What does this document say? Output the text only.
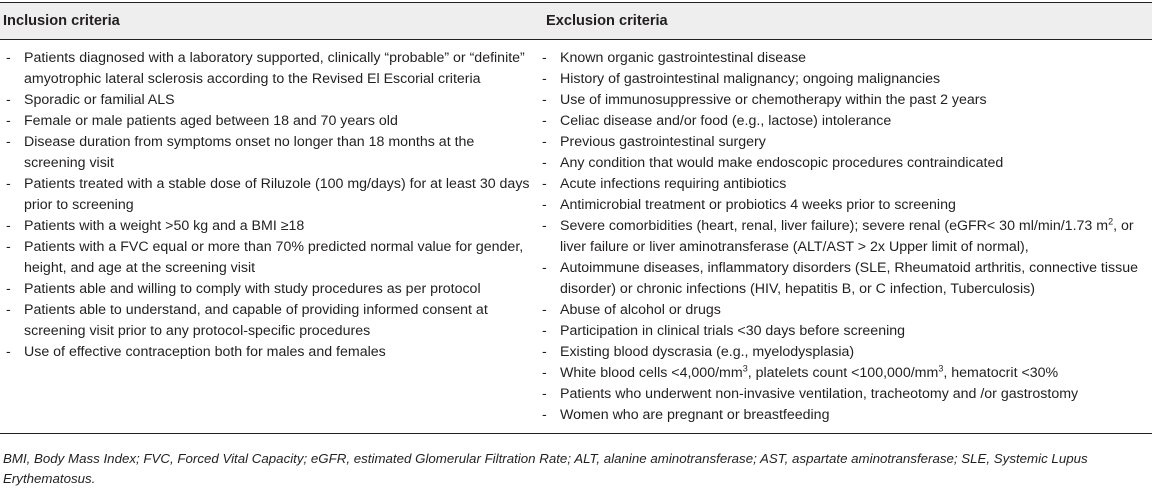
Inclusion criteria	Exclusion criteria
- Patients diagnosed with a laboratory supported, clinically “probable” or “definite” amyotrophic lateral sclerosis according to the Revised El Escorial criteria
- Sporadic or familial ALS
- Female or male patients aged between 18 and 70 years old
- Disease duration from symptoms onset no longer than 18 months at the screening visit
- Patients treated with a stable dose of Riluzole (100 mg/days) for at least 30 days prior to screening
- Patients with a weight >50 kg and a BMI ≥18
- Patients with a FVC equal or more than 70% predicted normal value for gender, height, and age at the screening visit
- Patients able and willing to comply with study procedures as per protocol
- Patients able to understand, and capable of providing informed consent at screening visit prior to any protocol-specific procedures
- Use of effective contraception both for males and females
- Known organic gastrointestinal disease
- History of gastrointestinal malignancy; ongoing malignancies
- Use of immunosuppressive or chemotherapy within the past 2 years
- Celiac disease and/or food (e.g., lactose) intolerance
- Previous gastrointestinal surgery
- Any condition that would make endoscopic procedures contraindicated
- Acute infections requiring antibiotics
- Antimicrobial treatment or probiotics 4 weeks prior to screening
- Severe comorbidities (heart, renal, liver failure); severe renal (eGFR< 30 ml/min/1.73 $m^2$, or liver failure or liver aminotransferase (ALT/AST > 2x Upper limit of normal),
- Autoimmune diseases, inflammatory disorders (SLE, Rheumatoid arthritis, connective tissue disorder) or chronic infections (HIV, hepatitis B, or C infection, Tuberculosis)
- Abuse of alcohol or drugs
- Participation in clinical trials <30 days before screening
- Existing blood dyscrasia (e.g., myelodysplasia)
- White blood cells $<4,000/mm^3$, platelets count $<100,000/mm^3$, hematocrit <30%
- Patients who underwent non-invasive ventilation, tracheotomy and /or gastrostomy
- Women who are pregnant or breastfeeding
BMI, Body Mass Index; FVC, Forced Vital Capacity; eGFR, estimated Glomerular Filtration Rate; ALT, alanine aminotransferase; AST, aspartate aminotransferase; SLE, Systemic Lupus Erythematosus.
